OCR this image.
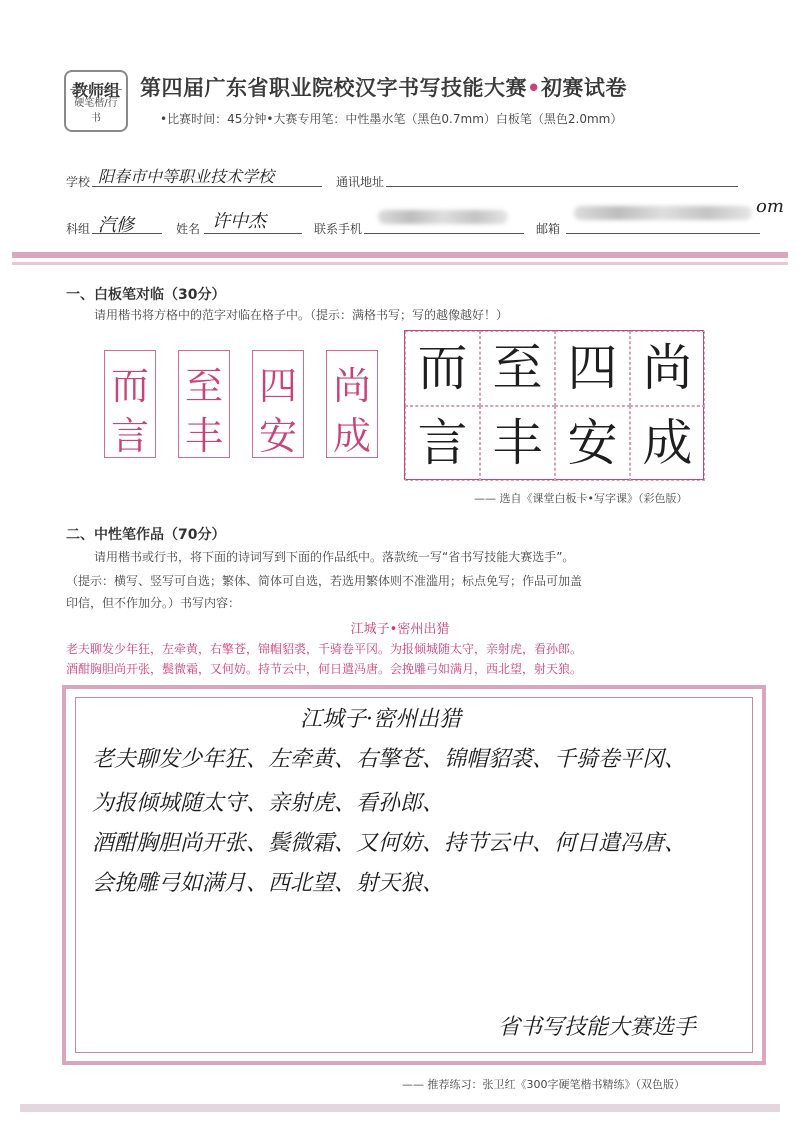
教师组
硬笔楷/行书
第四届广东省职业院校汉字书写技能大赛•初赛试卷
•比赛时间：45分钟•大赛专用笔：中性墨水笔（黑色0.7mm）白板笔（黑色2.0mm）
学校 阳春市中等职业技术学校	通讯地址
科组 汽修	姓名 许中杰	联系手机	邮箱
om
一、白板笔对临（30分）
请用楷书将方格中的范字对临在格子中。（提示：满格书写；写的越像越好！）
而
言
至
丰
四
安
尚
成
而 至 四 尚
言 丰 安 成
—— 选自《课堂白板卡•写字课》（彩色版）
二、中性笔作品（70分）
请用楷书或行书，将下面的诗词写到下面的作品纸中。落款统一写“省书写技能大赛选手”。
（提示：横写、竖写可自选；繁体、简体可自选，若选用繁体则不准滥用；标点免写；作品可加盖
印信，但不作加分。）书写内容：
江城子•密州出猎
老夫聊发少年狂，左牵黄，右擎苍，锦帽貂裘，千骑卷平冈。为报倾城随太守，亲射虎，看孙郎。
酒酣胸胆尚开张，鬓微霜，又何妨。持节云中，何日遣冯唐。会挽雕弓如满月，西北望，射天狼。
江城子·密州出猎
老夫聊发少年狂、左牵黄、右擎苍、锦帽貂裘、千骑卷平冈、
为报倾城随太守、亲射虎、看孙郎、
酒酣胸胆尚开张、鬓微霜、又何妨、持节云中、何日遣冯唐、
会挽雕弓如满月、西北望、射天狼、
省书写技能大赛选手
—— 推荐练习：张卫红《300字硬笔楷书精练》（双色版）
